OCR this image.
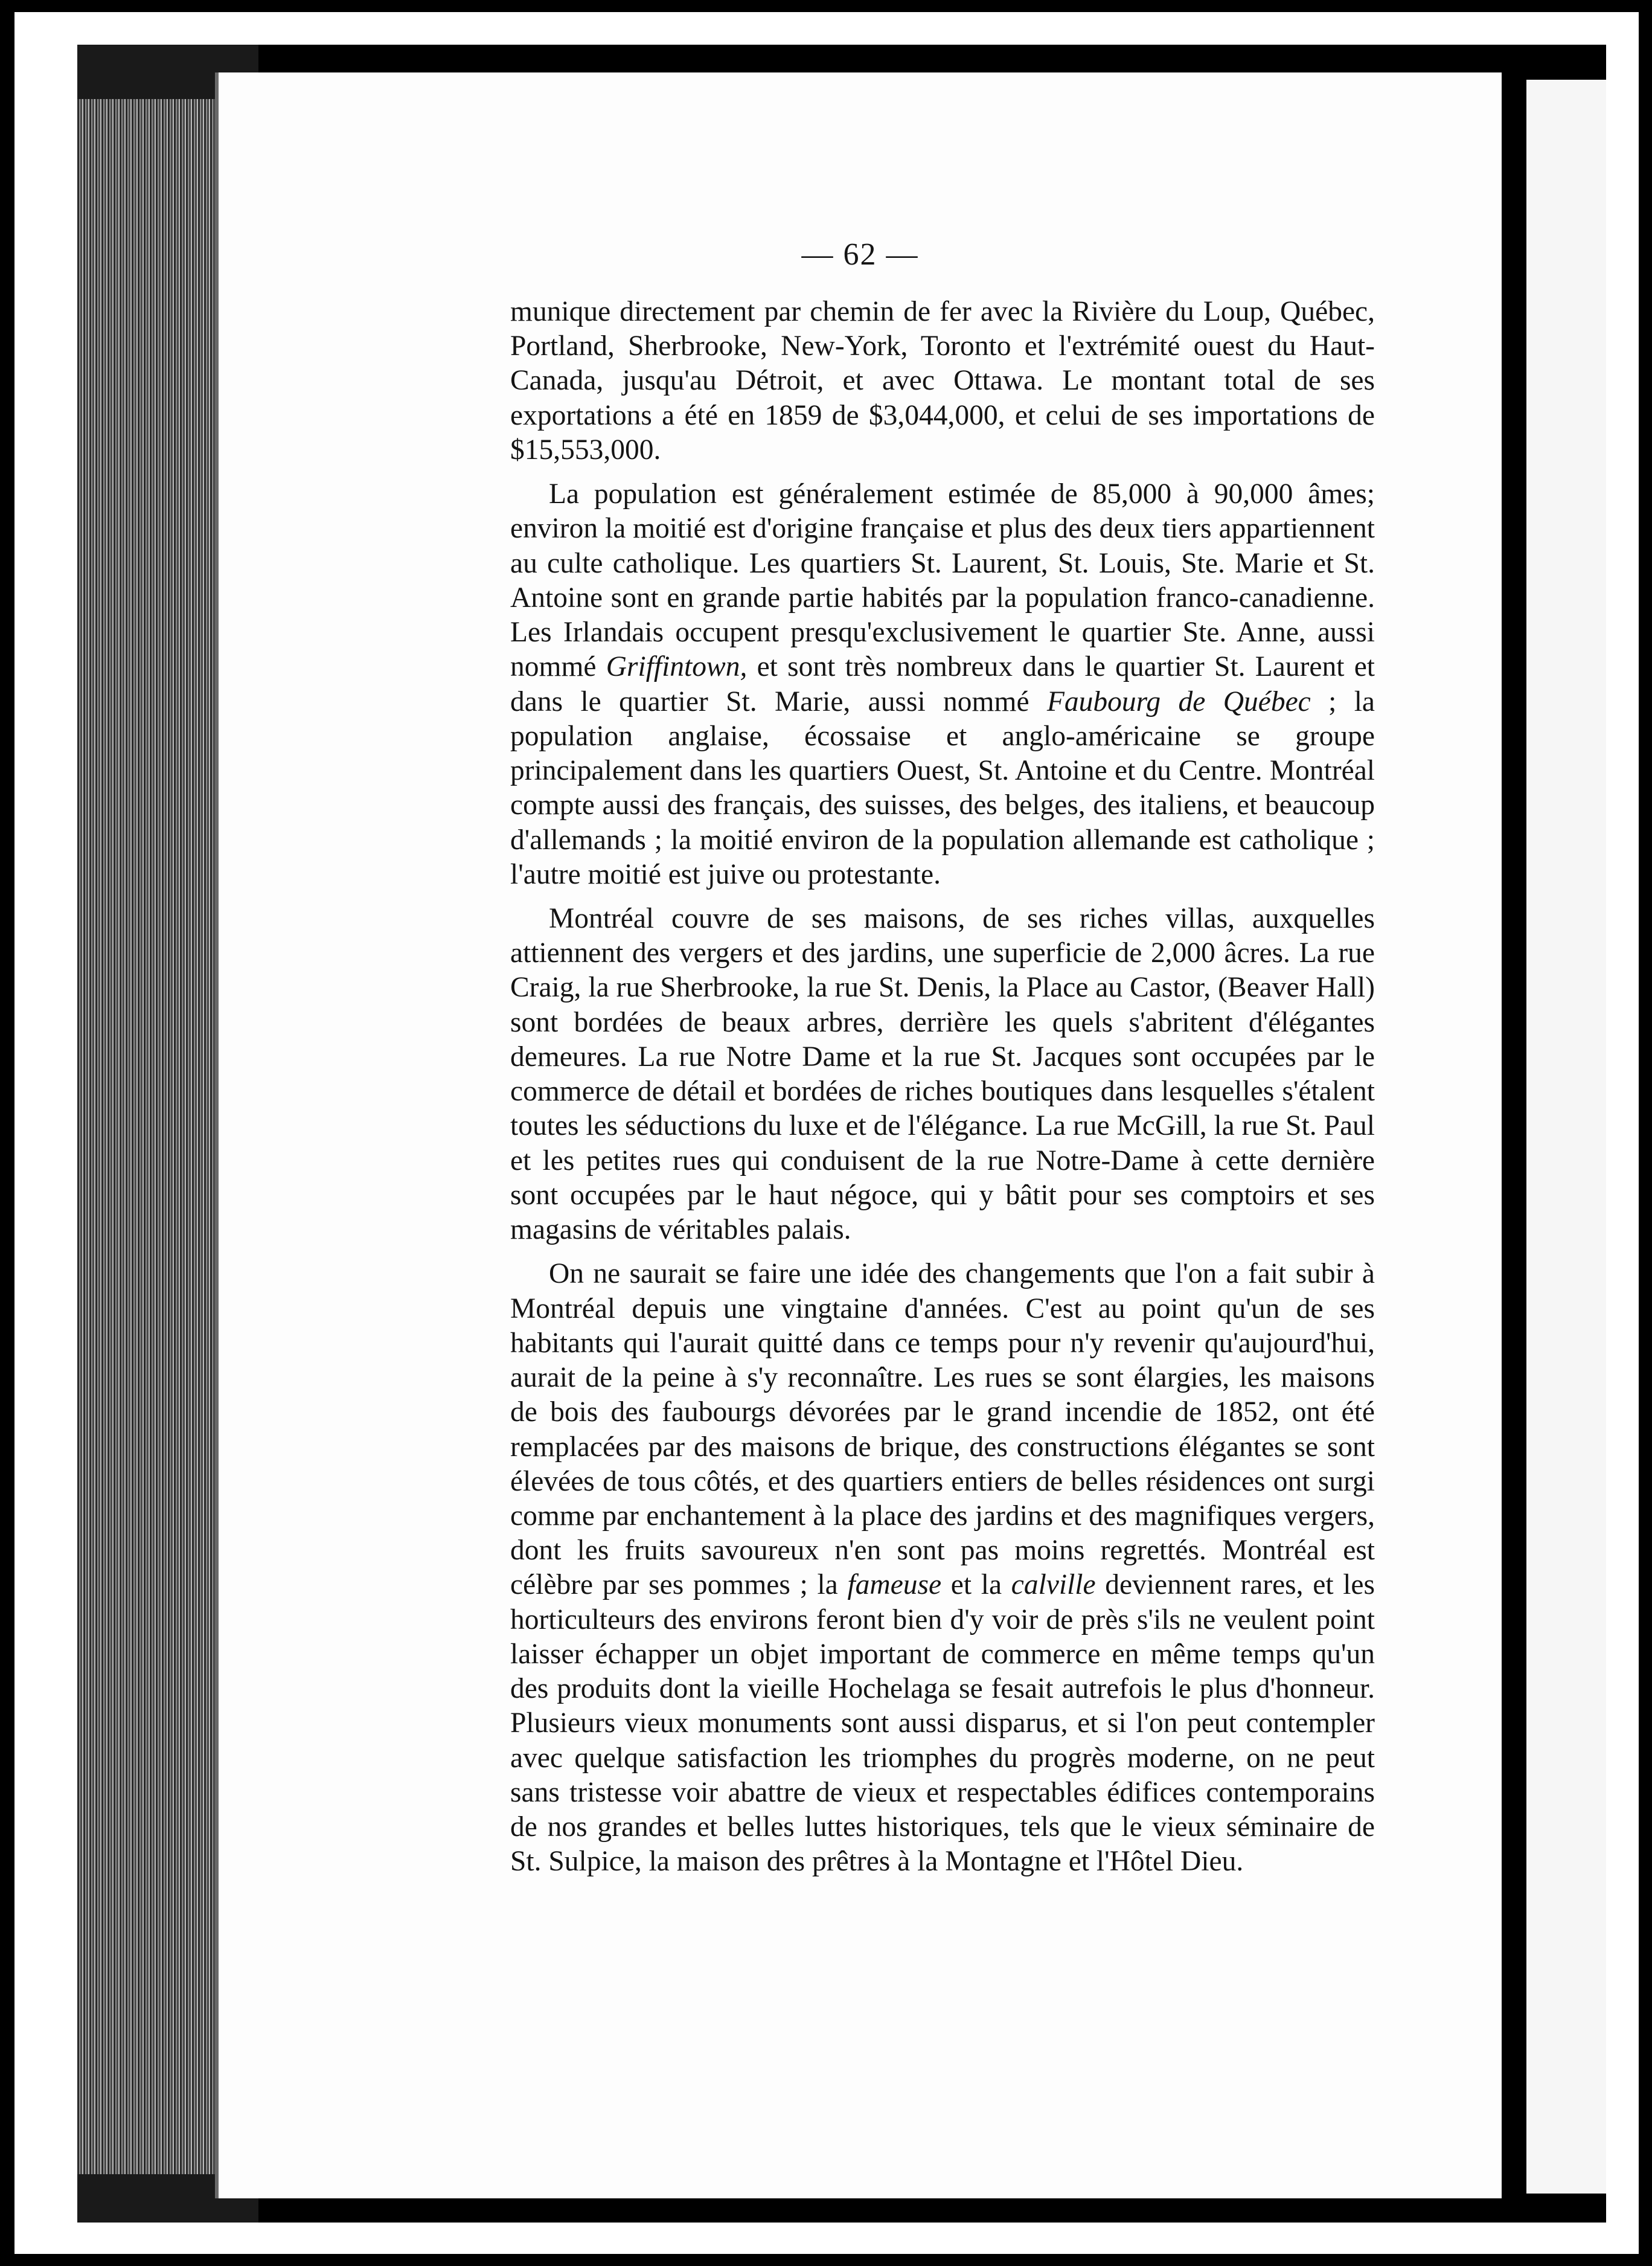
— 62 —

munique directement par chemin de fer avec la Rivière du Loup, Québec, Portland, Sherbrooke, New-York, Toronto et l'extrémité ouest du Haut-Canada, jusqu'au Détroit, et avec Ottawa. Le montant total de ses exportations a été en 1859 de $3,044,000, et celui de ses importations de $15,553,000.

La population est généralement estimée de 85,000 à 90,000 âmes; environ la moitié est d'origine française et plus des deux tiers appartiennent au culte catholique. Les quartiers St. Laurent, St. Louis, Ste. Marie et St. Antoine sont en grande partie habités par la population franco-canadienne. Les Irlandais occupent presqu'exclusivement le quartier Ste. Anne, aussi nommé Griffintown, et sont très nombreux dans le quartier St. Laurent et dans le quartier St. Marie, aussi nommé Faubourg de Québec ; la population anglaise, écossaise et anglo-américaine se groupe principalement dans les quartiers Ouest, St. Antoine et du Centre. Montréal compte aussi des français, des suisses, des belges, des italiens, et beaucoup d'allemands ; la moitié environ de la population allemande est catholique ; l'autre moitié est juive ou protestante.

Montréal couvre de ses maisons, de ses riches villas, auxquelles attiennent des vergers et des jardins, une superficie de 2,000 âcres. La rue Craig, la rue Sherbrooke, la rue St. Denis, la Place au Castor, (Beaver Hall) sont bordées de beaux arbres, derrière les quels s'abritent d'élégantes demeures. La rue Notre Dame et la rue St. Jacques sont occupées par le commerce de détail et bordées de riches boutiques dans lesquelles s'étalent toutes les séductions du luxe et de l'élégance. La rue McGill, la rue St. Paul et les petites rues qui conduisent de la rue Notre-Dame à cette dernière sont occupées par le haut négoce, qui y bâtit pour ses comptoirs et ses magasins de véritables palais.

On ne saurait se faire une idée des changements que l'on a fait subir à Montréal depuis une vingtaine d'années. C'est au point qu'un de ses habitants qui l'aurait quitté dans ce temps pour n'y revenir qu'aujourd'hui, aurait de la peine à s'y reconnaître. Les rues se sont élargies, les maisons de bois des faubourgs dévorées par le grand incendie de 1852, ont été remplacées par des maisons de brique, des constructions élégantes se sont élevées de tous côtés, et des quartiers entiers de belles résidences ont surgi comme par enchantement à la place des jardins et des magnifiques vergers, dont les fruits savoureux n'en sont pas moins regrettés. Montréal est célèbre par ses pommes ; la fameuse et la calville deviennent rares, et les horticulteurs des environs feront bien d'y voir de près s'ils ne veulent point laisser échapper un objet important de commerce en même temps qu'un des produits dont la vieille Hochelaga se fesait autrefois le plus d'honneur. Plusieurs vieux monuments sont aussi disparus, et si l'on peut contempler avec quelque satisfaction les triomphes du progrès moderne, on ne peut sans tristesse voir abattre de vieux et respectables édifices contemporains de nos grandes et belles luttes historiques, tels que le vieux séminaire de St. Sulpice, la maison des prêtres à la Montagne et l'Hôtel Dieu.
